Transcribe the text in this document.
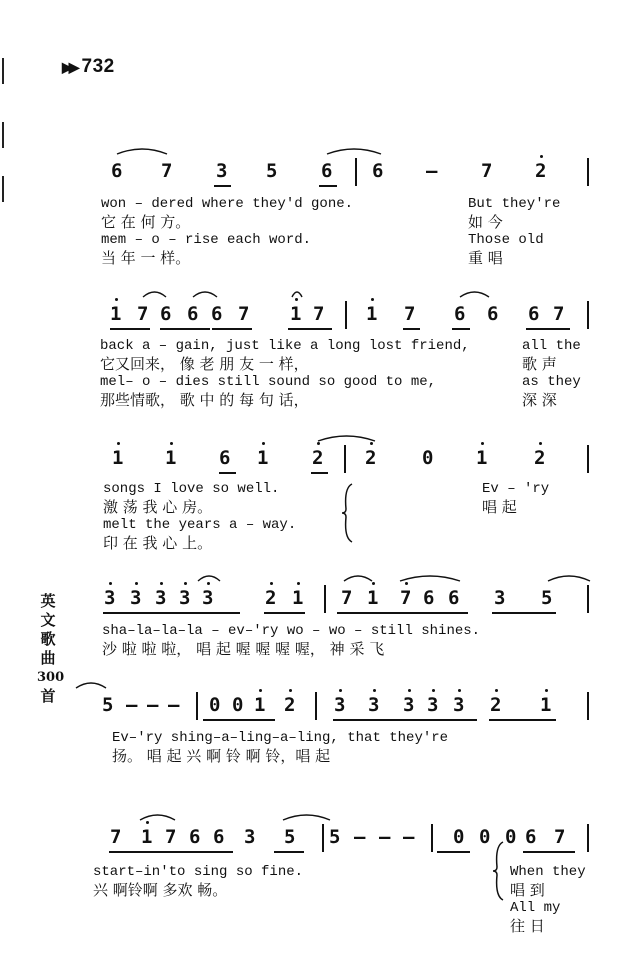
▶▶ 732
英
文
歌
曲
300
首
6 7 3 5 6 6 – 7 2
won – dered where they'd gone.
它 在 何 方。
mem – o – rise each word.
当 年 一 样。
But they're
如 今
Those old
重 唱
1 7 6 6 6 7 1 7 1 7 6 6 6 7
back a – gain, just like a long lost friend,
它又回来， 像 老 朋 友 一 样，
mel– o – dies still sound so good to me,
那些情歌， 歌 中 的 每 句 话，
all the
歌 声
as they
深 深
1 1 6 1 2 2 0 1 2
songs I love so well.
激 荡 我 心 房。
melt the years a – way.
印 在 我 心 上。
Ev – 'ry
唱 起
3 3 3 3 3	2 1 7 1 7 6 6 3 5
sha–la–la–la – ev–'ry wo – wo – still shines.
沙 啦 啦 啦， 唱 起 喔 喔 喔 喔， 神 采 飞
5 – – – 0 0 1 2 3 3 3 3 3 2 1
Ev–'ry shing–a–ling–a–ling, that they're
扬。 唱 起 兴 啊 铃 啊 铃，唱 起
7 1 7 6 6 3 5 5 – – – 0 0 0 6 7
start–in'to sing so fine.
兴 啊铃啊 多欢 畅。
When they
唱 到
All my
往 日
